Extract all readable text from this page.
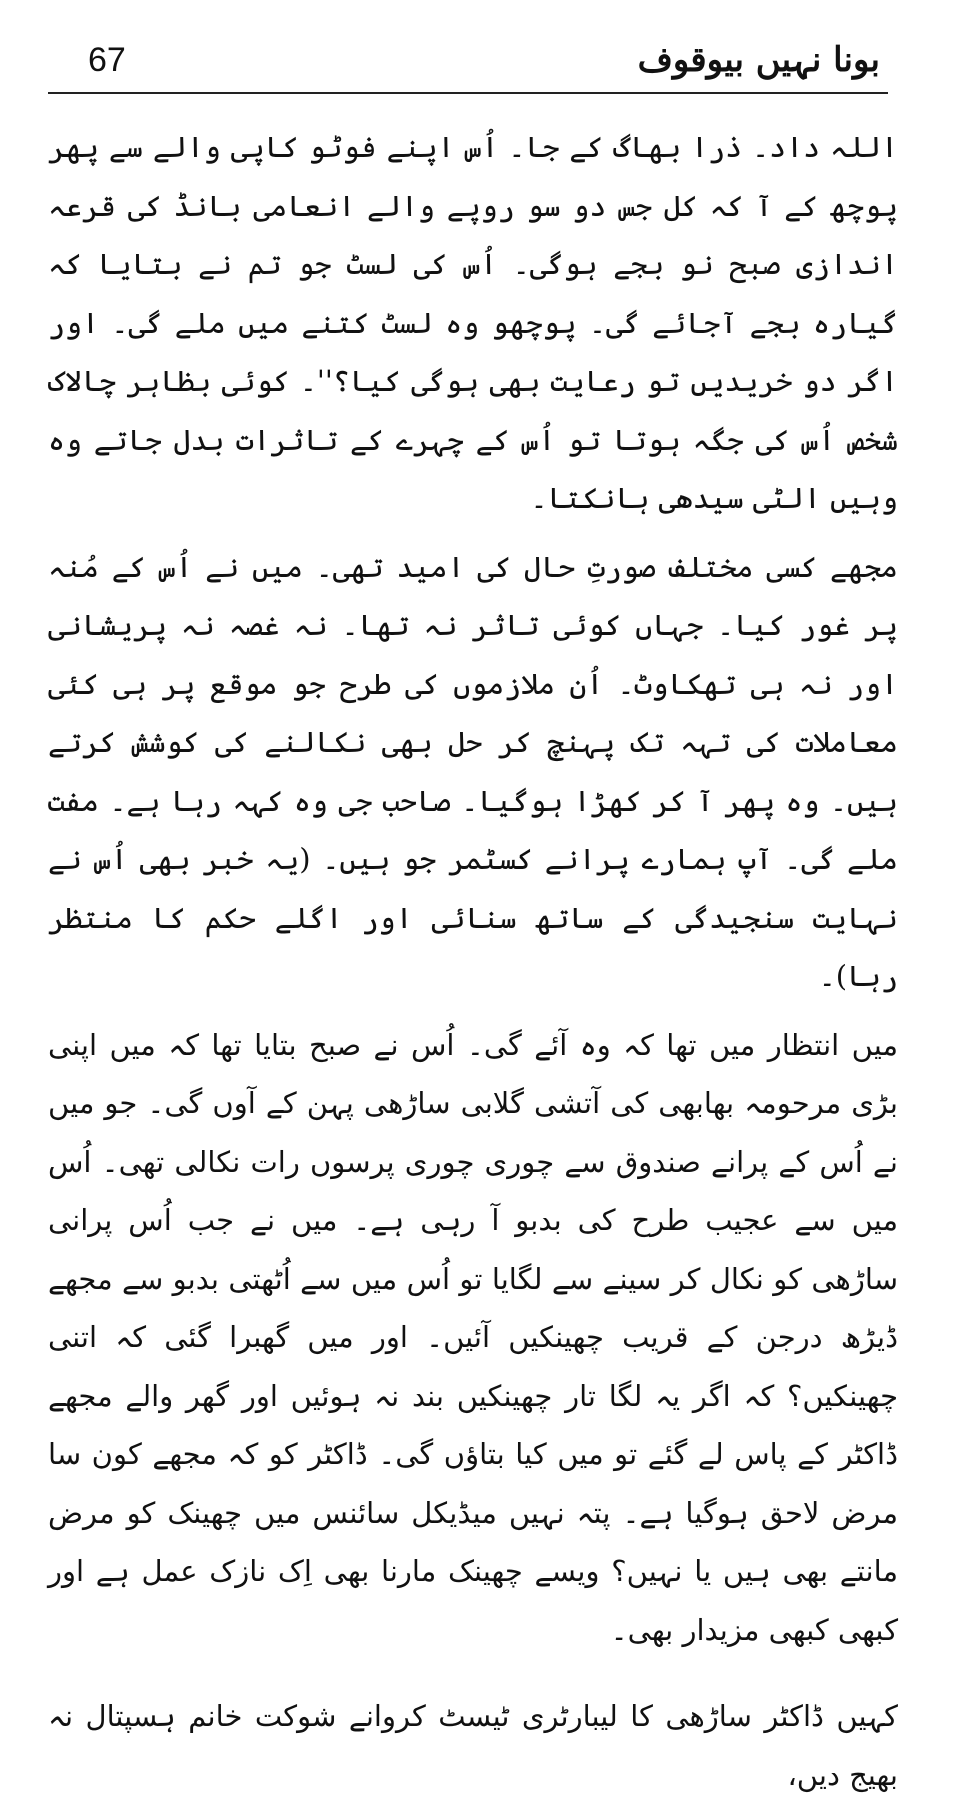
67	بونا نہیں بیوقوف

اللہ داد۔ ذرا بھاگ کے جا۔ اُس اپنے فوٹو کاپی والے سے پھر پوچھ کے آ کہ کل جس دو سو روپے والے انعامی بانڈ کی قرعہ اندازی صبح نو بجے ہوگی۔ اُس کی لسٹ جو تم نے بتایا کہ گیارہ بجے آجائے گی۔ پوچھو وہ لسٹ کتنے میں ملے گی۔ اور اگر دو خریدیں تو رعایت بھی ہوگی کیا؟''۔ کوئی بظاہر چالاک شخص اُس کی جگہ ہوتا تو اُس کے چہرے کے تاثرات بدل جاتے وہ وہیں الٹی سیدھی ہانکتا۔

مجھے کسی مختلف صورتِ حال کی امید تھی۔ میں نے اُس کے مُنہ پر غور کیا۔ جہاں کوئی تاثر نہ تھا۔ نہ غصہ نہ پریشانی اور نہ ہی تھکاوٹ۔ اُن ملازموں کی طرح جو موقع پر ہی کئی معاملات کی تہہ تک پہنچ کر حل بھی نکالنے کی کوشش کرتے ہیں۔ وہ پھر آ کر کھڑا ہوگیا۔ صاحب جی وہ کہہ رہا ہے۔ مفت ملے گی۔ آپ ہمارے پرانے کسٹمر جو ہیں۔ (یہ خبر بھی اُس نے نہایت سنجیدگی کے ساتھ سنائی اور اگلے حکم کا منتظر رہا)۔

میں انتظار میں تھا کہ وہ آئے گی۔ اُس نے صبح بتایا تھا کہ میں اپنی بڑی مرحومہ بھابھی کی آتشی گلابی ساڑھی پہن کے آوں گی۔ جو میں نے اُس کے پرانے صندوق سے چوری چوری پرسوں رات نکالی تھی۔ اُس میں سے عجیب طرح کی بدبو آ رہی ہے۔ میں نے جب اُس پرانی ساڑھی کو نکال کر سینے سے لگایا تو اُس میں سے اُٹھتی بدبو سے مجھے ڈیڑھ درجن کے قریب چھینکیں آئیں۔ اور میں گھبرا گئی کہ اتنی چھینکیں؟ کہ اگر یہ لگا تار چھینکیں بند نہ ہوئیں اور گھر والے مجھے ڈاکٹر کے پاس لے گئے تو میں کیا بتاؤں گی۔ ڈاکٹر کو کہ مجھے کون سا مرض لاحق ہوگیا ہے۔ پتہ نہیں میڈیکل سائنس میں چھینک کو مرض مانتے بھی ہیں یا نہیں؟ ویسے چھینک مارنا بھی اِک نازک عمل ہے اور کبھی کبھی مزیدار بھی۔

کہیں ڈاکٹر ساڑھی کا لیبارٹری ٹیسٹ کروانے شوکت خانم ہسپتال نہ بھیج دیں،
